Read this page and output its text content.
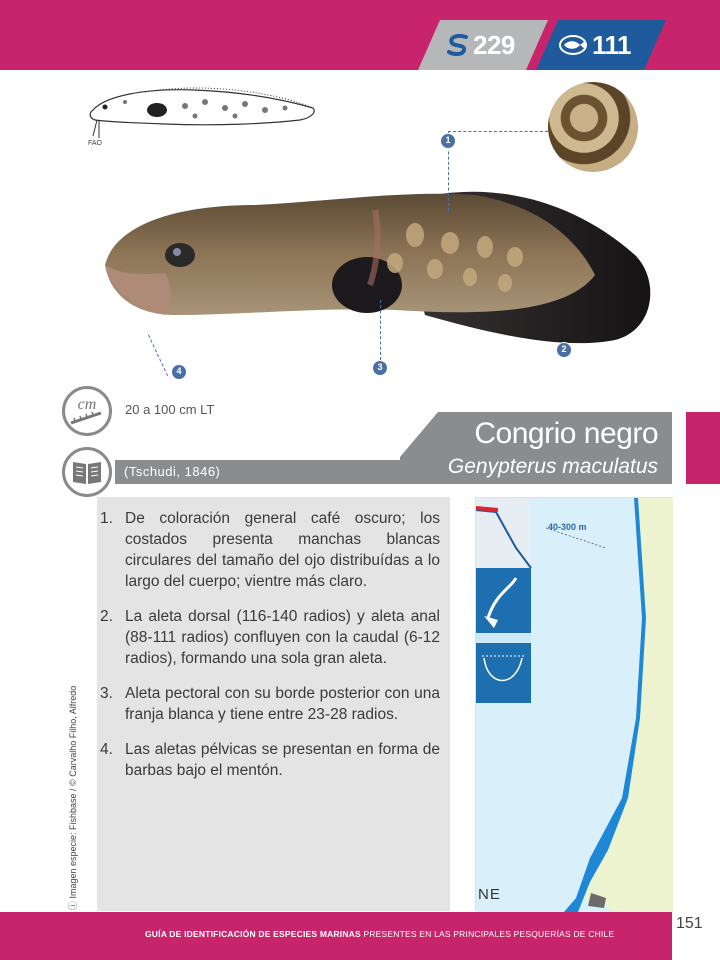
229	111
FAO	1
2
3
4
cm 20 a 100 cm LT
(Tschudi, 1846)
Congrio negro
Genypterus maculatus
1. De coloración general café oscuro; los costados presenta manchas blancas circulares del tamaño del ojo distribuídas a lo largo del cuerpo; vientre más claro.
2. La aleta dorsal (116-140 radios) y aleta anal (88-111 radios) confluyen con la caudal (6-12 radios), formando una sola gran aleta.
3. Aleta pectoral con su borde posterior con una franja blanca y tiene entre 23-28 radios.
4. Las aletas pélvicas se presentan en forma de barbas bajo el mentón.
ⓘ Imagen especie: Fishbase / © Carvalho Filho, Alfredo
40-300 m
NE
GUÍA DE IDENTIFICACIÓN DE ESPECIES MARINAS PRESENTES EN LAS PRINCIPALES PESQUERÍAS DE CHILE
151
